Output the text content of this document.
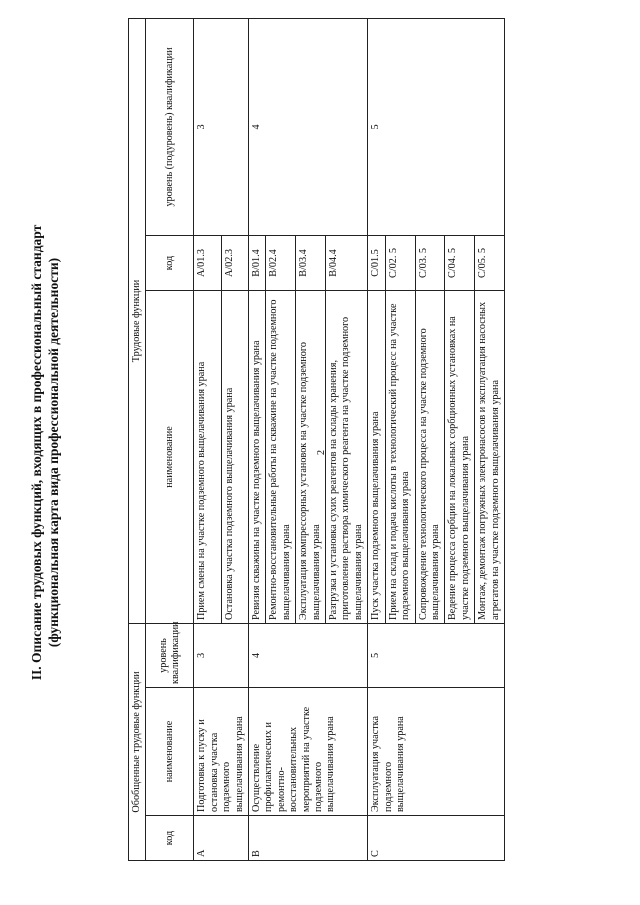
2
II. Описание трудовых функций, входящих в профессиональный стандарт (функциональная карта вида профессиональной деятельности)
Обобщенные трудовые функции			Трудовые функции		
код	наименование	уровень квалификации	наименование	код	уровень (подуровень) квалификации
A	Подготовка к пуску и остановка участка подземного выщелачивания урана	3	Прием смены на участке подземного выщелачивания урана	A/01.3	3
			Остановка участка подземного выщелачивания урана	A/02.3	
B	Осуществление профилактических и ремонтно-восстановительных мероприятий на участке подземного выщелачивания урана	4	Ревизия скважины на участке подземного выщелачивания урана	B/01.4	4
			Ремонтно-восстановительные работы на скважине на участке подземного выщелачивания урана	B/02.4	
			Эксплуатация компрессорных установок на участке подземного выщелачивания урана	B/03.4	
			Разгрузка и установка сухих реагентов на склады хранения, приготовление раствора химического реагента на участке подземного выщелачивания урана	B/04.4	
C	Эксплуатация участка подземного выщелачивания урана	5	Пуск участка подземного выщелачивания урана	C/01.5	5
			Прием на склад и подача кислоты в технологический процесс на участке подземного выщелачивания урана	C/02. 5	
			Сопровождение технологического процесса на участке подземного выщелачивания урана	C/03. 5	
			Ведение процесса сорбции на локальных сорбционных установках на участке подземного выщелачивания урана	C/04. 5	
			Монтаж, демонтаж погружных электронасосов и эксплуатация насосных агрегатов на участке подземного выщелачивания урана	C/05. 5	
